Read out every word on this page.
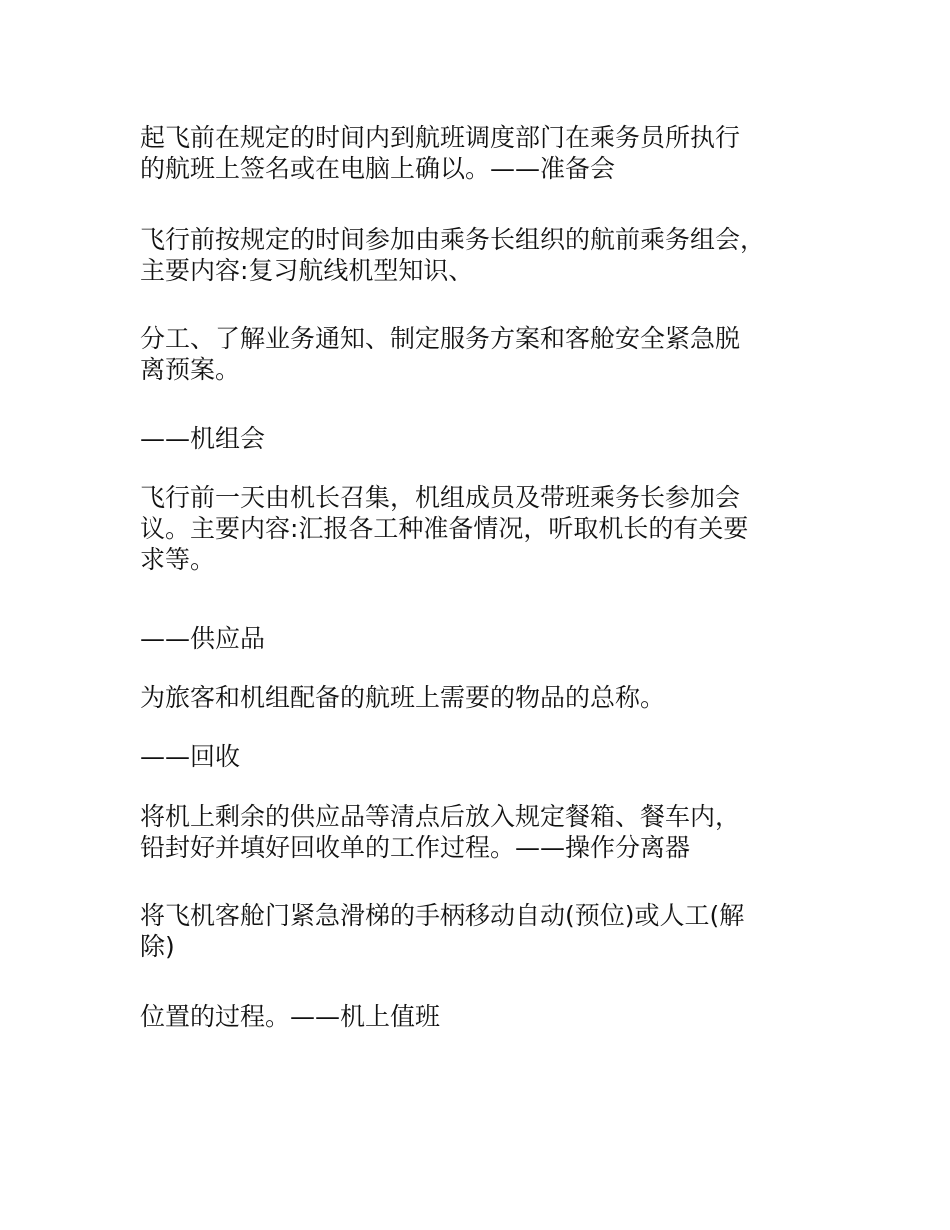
起飞前在规定的时间内到航班调度部门在乘务员所执行
的航班上签名或在电脑上确以。——准备会
飞行前按规定的时间参加由乘务长组织的航前乘务组会，
主要内容:复习航线机型知识、
分工、了解业务通知、制定服务方案和客舱安全紧急脱
离预案。
——机组会
飞行前一天由机长召集，机组成员及带班乘务长参加会
议。主要内容:汇报各工种准备情况，听取机长的有关要
求等。
——供应品
为旅客和机组配备的航班上需要的物品的总称。
——回收
将机上剩余的供应品等清点后放入规定餐箱、餐车内，
铅封好并填好回收单的工作过程。——操作分离器
将飞机客舱门紧急滑梯的手柄移动自动(预位)或人工(解
除)
位置的过程。——机上值班
